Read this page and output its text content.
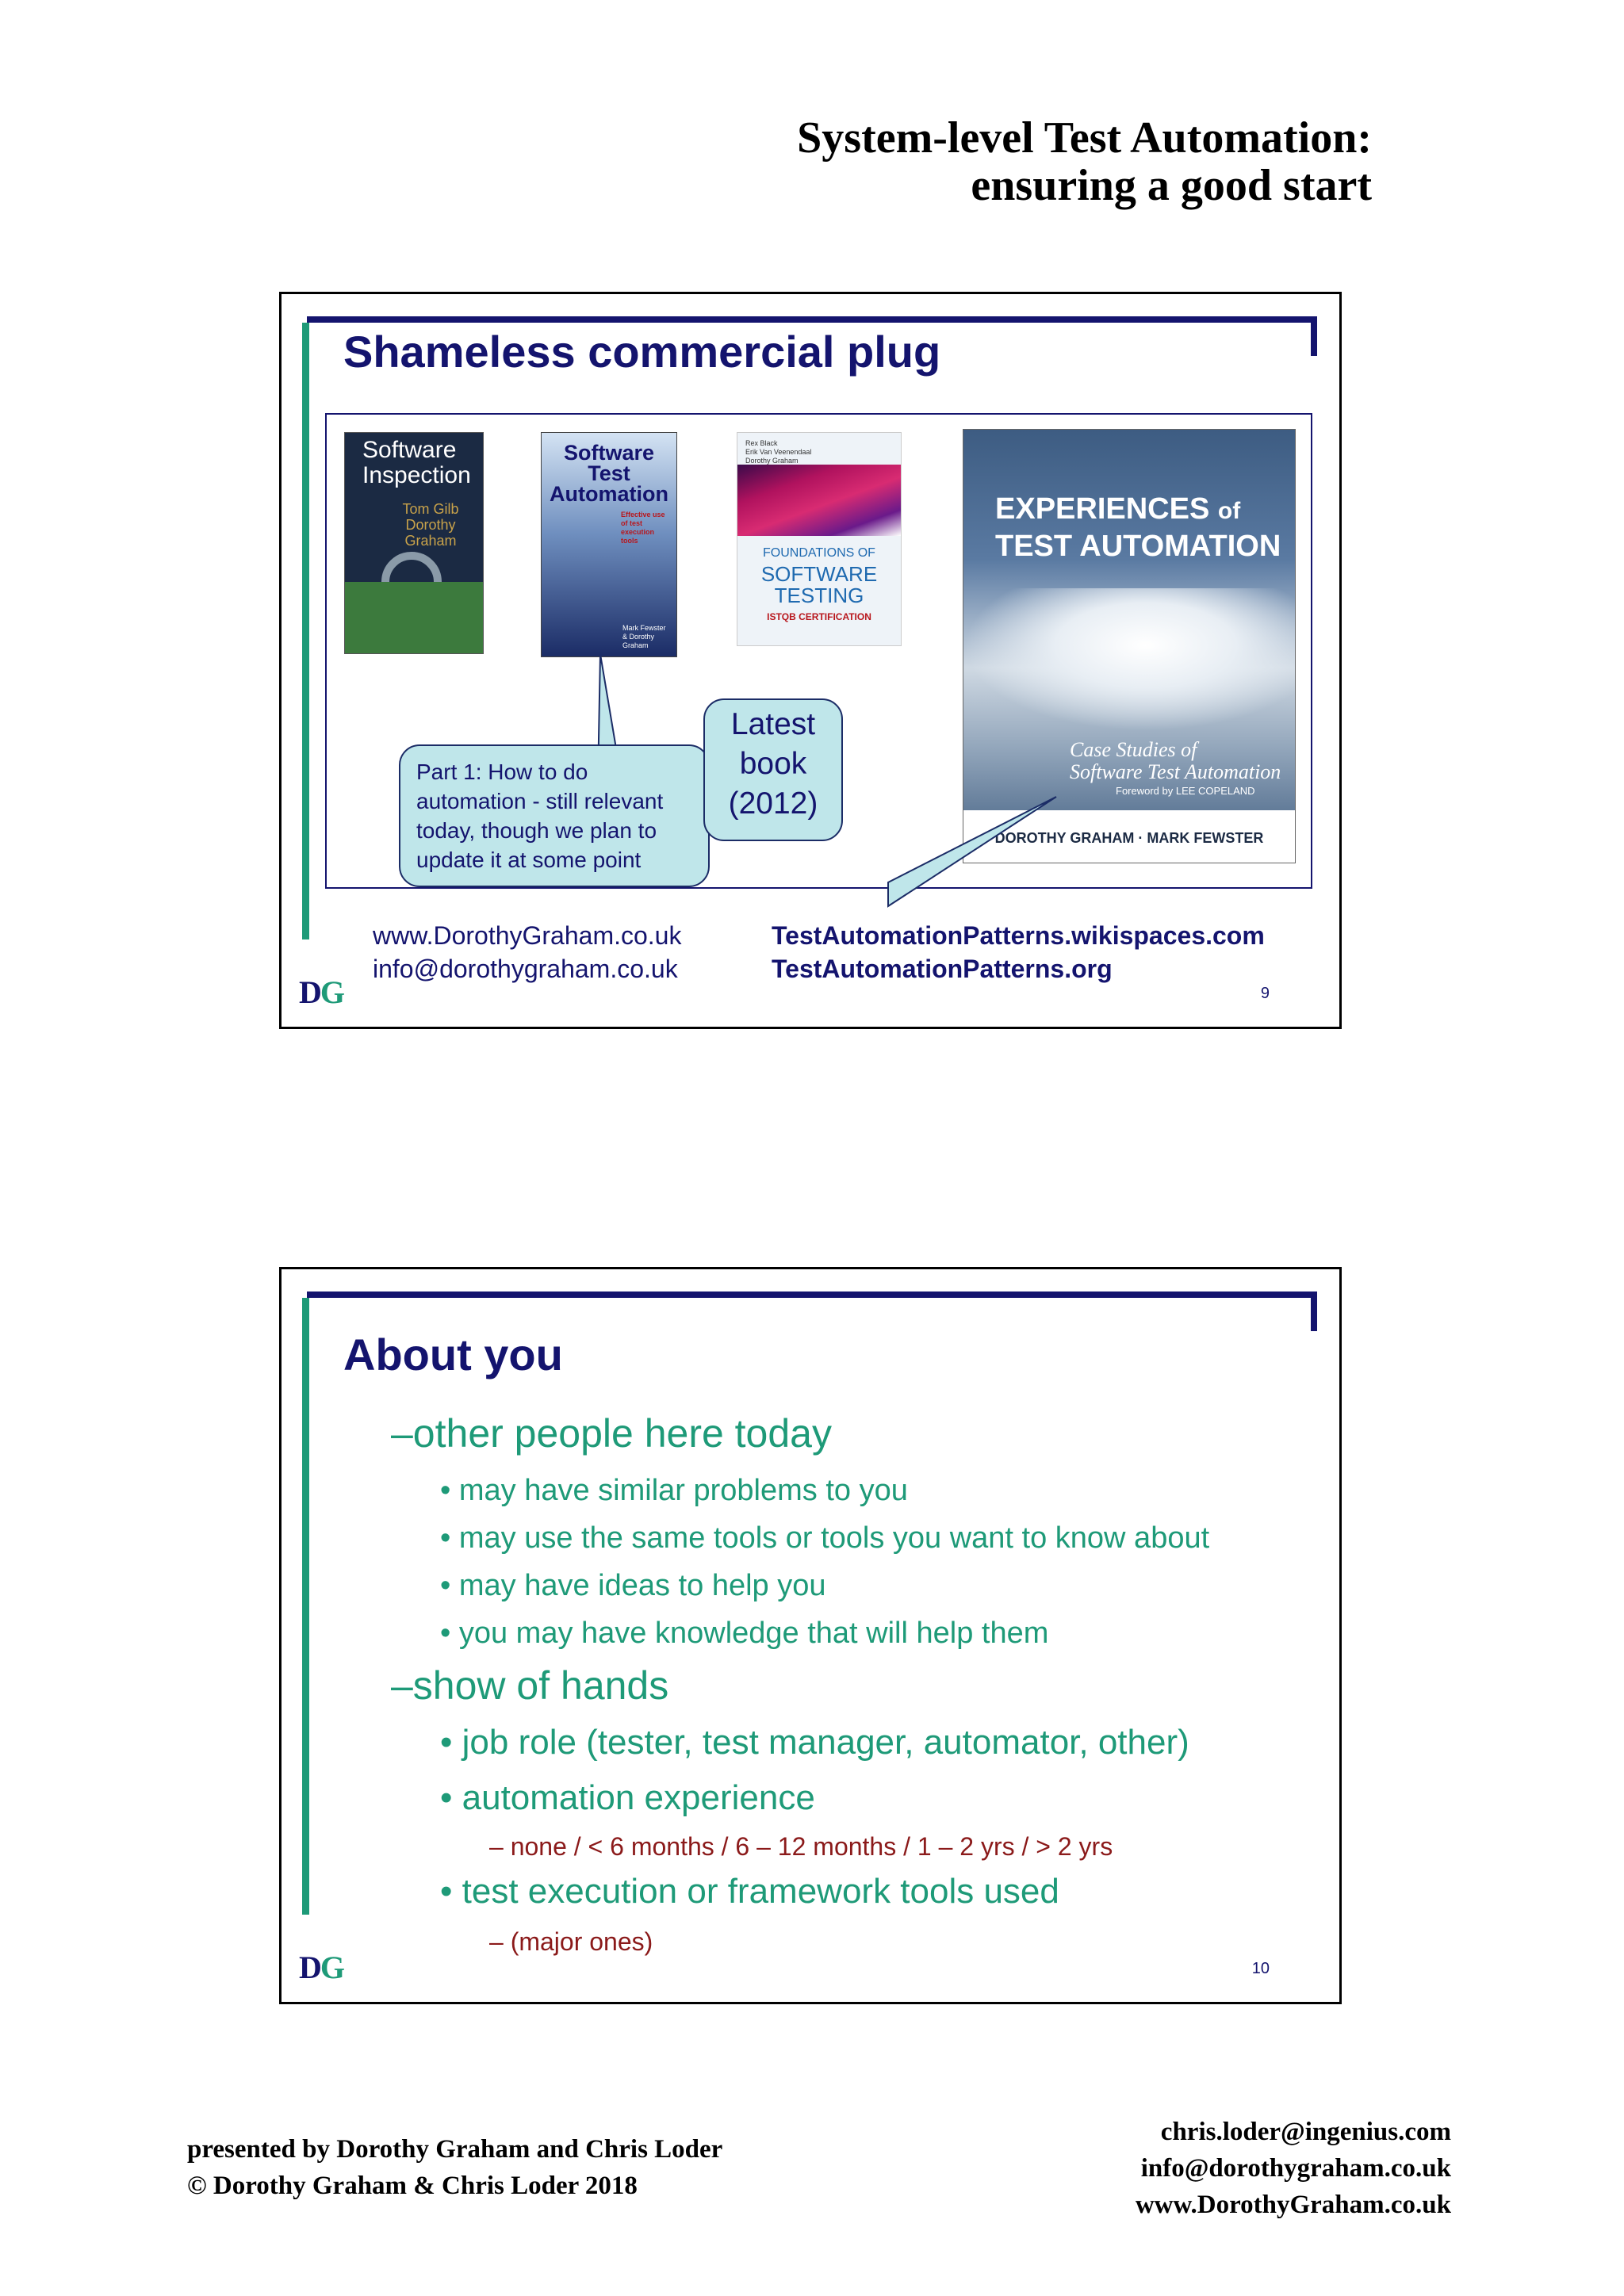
System-level Test Automation:
ensuring a good start
Shameless commercial plug
Software
Inspection
Tom Gilb
Dorothy Graham
Software
Test
Automation
Effective use of test execution tools
Mark Fewster & Dorothy Graham
Rex Black
Erik Van Veenendaal
Dorothy Graham
FOUNDATIONS OF
SOFTWARE
TESTING
ISTQB CERTIFICATION
EXPERIENCES of
TEST AUTOMATION
Case Studies of
Software Test Automation
Foreword by LEE COPELAND
DOROTHY GRAHAM · MARK FEWSTER
Part 1: How to do
automation - still relevant
today, though we plan to
update it at some point
Latest
book
(2012)
www.DorothyGraham.co.uk
info@dorothygraham.co.uk
TestAutomationPatterns.wikispaces.com
TestAutomationPatterns.org
DG	9
About you
–other people here today
• may have similar problems to you
• may use the same tools or tools you want to know about
• may have ideas to help you
• you may have knowledge that will help them
–show of hands
• job role (tester, test manager, automator, other)
• automation experience
– none / < 6 months / 6 – 12 months / 1 – 2 yrs / > 2 yrs
• test execution or framework tools used
– (major ones)
DG	10
presented by Dorothy Graham and Chris Loder
© Dorothy Graham & Chris Loder 2018
chris.loder@ingenius.com
info@dorothygraham.co.uk
www.DorothyGraham.co.uk
